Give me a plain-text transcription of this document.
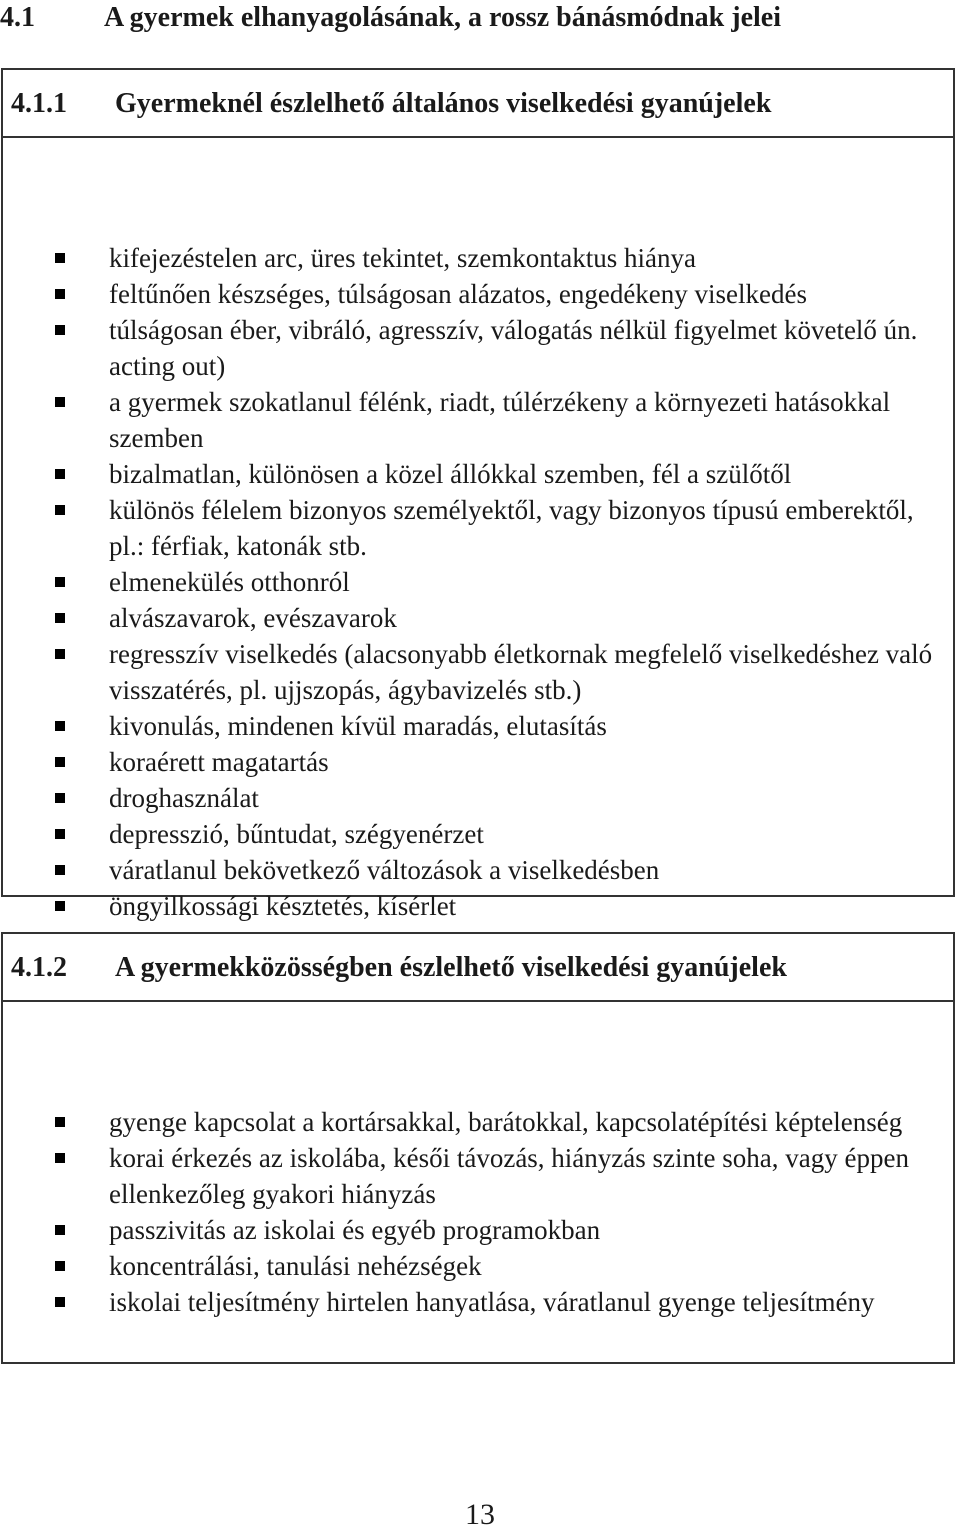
4.1 A gyermek elhanyagolásának, a rossz bánásmódnak jelei
4.1.1 Gyermeknél észlelhető általános viselkedési gyanújelek
kifejezéstelen arc, üres tekintet, szemkontaktus hiánya
feltűnően készséges, túlságosan alázatos, engedékeny viselkedés
túlságosan éber, vibráló, agresszív, válogatás nélkül figyelmet követelő ún. acting out)
a gyermek szokatlanul félénk, riadt, túlérzékeny a környezeti hatásokkal szemben
bizalmatlan, különösen a közel állókkal szemben, fél a szülőtől
különös félelem bizonyos személyektől, vagy bizonyos típusú emberektől, pl.: férfiak, katonák stb.
elmenekülés otthonról
alvászavarok, evészavarok
regresszív viselkedés (alacsonyabb életkornak megfelelő viselkedéshez való visszatérés, pl. ujjszopás, ágybavizelés stb.)
kivonulás, mindenen kívül maradás, elutasítás
koraérett magatartás
droghasználat
depresszió, bűntudat, szégyenérzet
váratlanul bekövetkező változások a viselkedésben
öngyilkossági késztetés, kísérlet
4.1.2 A gyermekközösségben észlelhető viselkedési gyanújelek
gyenge kapcsolat a kortársakkal, barátokkal, kapcsolatépítési képtelenség
korai érkezés az iskolába, késői távozás, hiányzás szinte soha, vagy éppen ellenkezőleg gyakori hiányzás
passzivitás az iskolai és egyéb programokban
koncentrálási, tanulási nehézségek
iskolai teljesítmény hirtelen hanyatlása, váratlanul gyenge teljesítmény
13
